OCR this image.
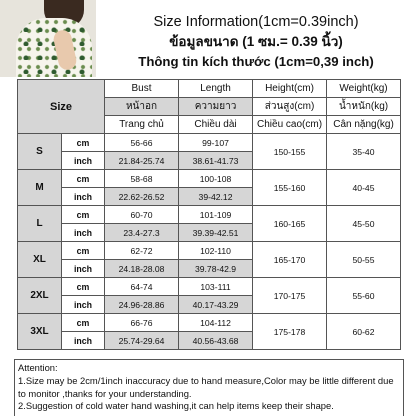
Size Information(1cm=0.39inch)
ข้อมูลขนาด (1 ซม.= 0.39 นิ้ว)
Thông tin kích thước (1cm=0,39 inch)
Size		Bust	Length	Height(cm)	Weight(kg)
		หน้าอก	ความยาว	ส่วนสูง(cm)	น้ำหนัก(kg)
		Trang chủ	Chiều dài	Chiều cao(cm)	Cân nặng(kg)
S	cm	56-66	99-107	150-155	35-40
	inch	21.84-25.74	38.61-41.73		
M	cm	58-68	100-108	155-160	40-45
	inch	22.62-26.52	39-42.12		
L	cm	60-70	101-109	160-165	45-50
	inch	23.4-27.3	39.39-42.51		
XL	cm	62-72	102-110	165-170	50-55
	inch	24.18-28.08	39.78-42.9		
2XL	cm	64-74	103-111	170-175	55-60
	inch	24.96-28.86	40.17-43.29		
3XL	cm	66-76	104-112	175-178	60-62
	inch	25.74-29.64	40.56-43.68		
Attention:
1.Size may be 2cm/1inch inaccuracy due to hand measure,Color may be little different due
to monitor ,thanks for your understanding.
2.Suggestion of cold water hand washing,it can help items keep their shape.
